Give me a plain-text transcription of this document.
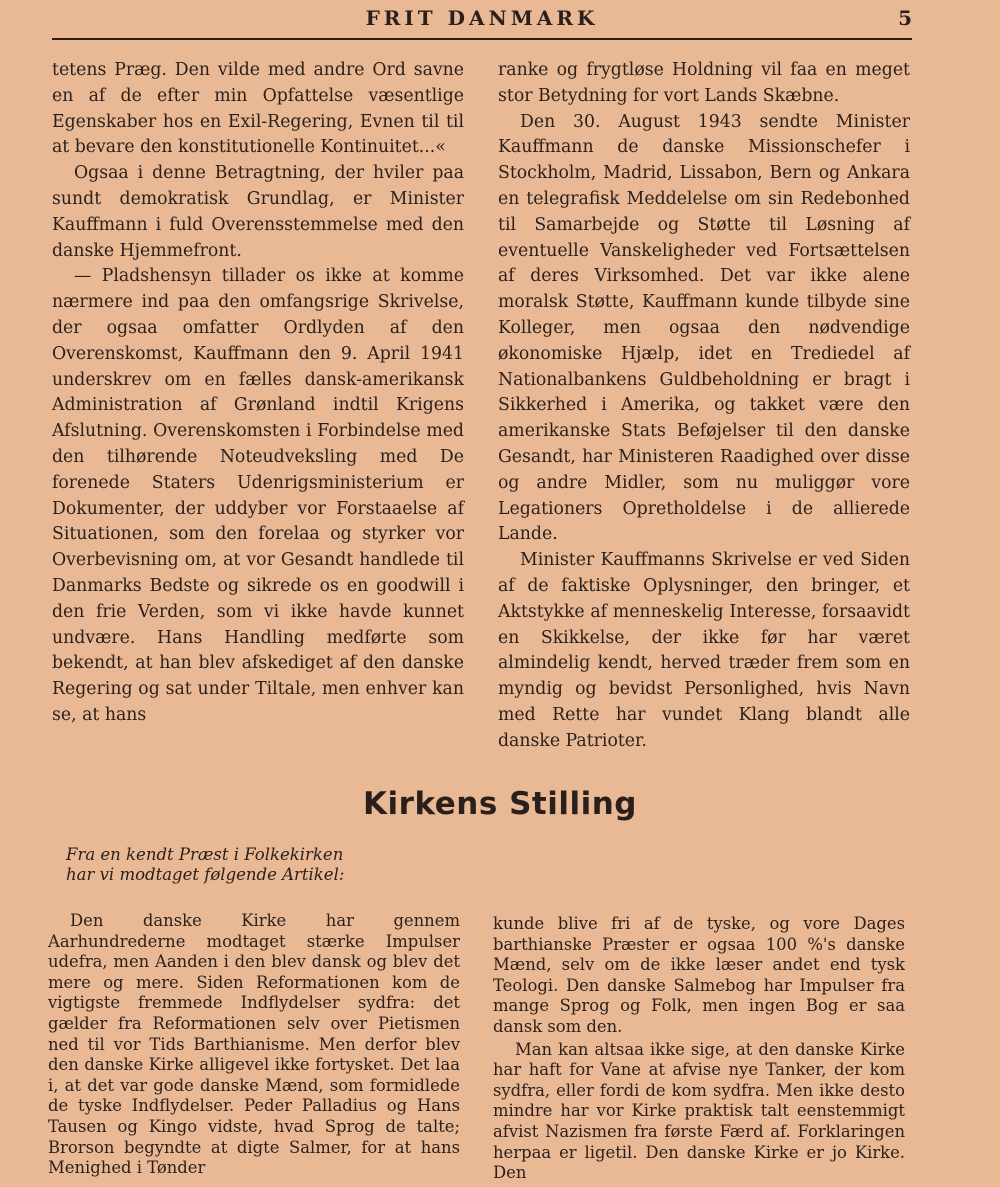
FRIT DANMARK	5

tetens Præg. Den vilde med andre Ord savne en af de efter min Opfattelse væsentlige Egenskaber hos en Exil-Regering, Evnen til til at bevare den konstitutionelle Kontinuitet...«

Ogsaa i denne Betragtning, der hviler paa sundt demokratisk Grundlag, er Minister Kauffmann i fuld Overensstemmelse med den danske Hjemmefront.

— Pladshensyn tillader os ikke at komme nærmere ind paa den omfangsrige Skrivelse, der ogsaa omfatter Ordlyden af den Overenskomst, Kauffmann den 9. April 1941 underskrev om en fælles dansk-amerikansk Administration af Grønland indtil Krigens Afslutning. Overenskomsten i Forbindelse med den tilhørende Noteudveksling med De forenede Staters Udenrigsministerium er Dokumenter, der uddyber vor Forstaaelse af Situationen, som den forelaa og styrker vor Overbevisning om, at vor Gesandt handlede til Danmarks Bedste og sikrede os en goodwill i den frie Verden, som vi ikke havde kunnet undvære. Hans Handling medførte som bekendt, at han blev afskediget af den danske Regering og sat under Tiltale, men enhver kan se, at hans

ranke og frygtløse Holdning vil faa en meget stor Betydning for vort Lands Skæbne.

Den 30. August 1943 sendte Minister Kauffmann de danske Missionschefer i Stockholm, Madrid, Lissabon, Bern og Ankara en telegrafisk Meddelelse om sin Redebonhed til Samarbejde og Støtte til Løsning af eventuelle Vanskeligheder ved Fortsættelsen af deres Virksomhed. Det var ikke alene moralsk Støtte, Kauffmann kunde tilbyde sine Kolleger, men ogsaa den nødvendige økonomiske Hjælp, idet en Trediedel af Nationalbankens Guldbeholdning er bragt i Sikkerhed i Amerika, og takket være den amerikanske Stats Beføjelser til den danske Gesandt, har Ministeren Raadighed over disse og andre Midler, som nu muliggør vore Legationers Opretholdelse i de allierede Lande.

Minister Kauffmanns Skrivelse er ved Siden af de faktiske Oplysninger, den bringer, et Aktstykke af menneskelig Interesse, forsaavidt en Skikkelse, der ikke før har været almindelig kendt, herved træder frem som en myndig og bevidst Personlighed, hvis Navn med Rette har vundet Klang blandt alle danske Patrioter.

Kirkens Stilling
Fra en kendt Præst i Folkekirken
har vi modtaget følgende Artikel:

Den danske Kirke har gennem Aarhundrederne modtaget stærke Impulser udefra, men Aanden i den blev dansk og blev det mere og mere. Siden Reformationen kom de vigtigste fremmede Indflydelser sydfra: det gælder fra Reformationen selv over Pietismen ned til vor Tids Barthianisme. Men derfor blev den danske Kirke alligevel ikke fortysket. Det laa i, at det var gode danske Mænd, som formidlede de tyske Indflydelser. Peder Palladius og Hans Tausen og Kingo vidste, hvad Sprog de talte; Brorson begyndte at digte Salmer, for at hans Menighed i Tønder

kunde blive fri af de tyske, og vore Dages barthianske Præster er ogsaa 100 %'s danske Mænd, selv om de ikke læser andet end tysk Teologi. Den danske Salmebog har Impulser fra mange Sprog og Folk, men ingen Bog er saa dansk som den.

Man kan altsaa ikke sige, at den danske Kirke har haft for Vane at afvise nye Tanker, der kom sydfra, eller fordi de kom sydfra. Men ikke desto mindre har vor Kirke praktisk talt eenstemmigt afvist Nazismen fra første Færd af. Forklaringen herpaa er ligetil. Den danske Kirke er jo Kirke. Den
